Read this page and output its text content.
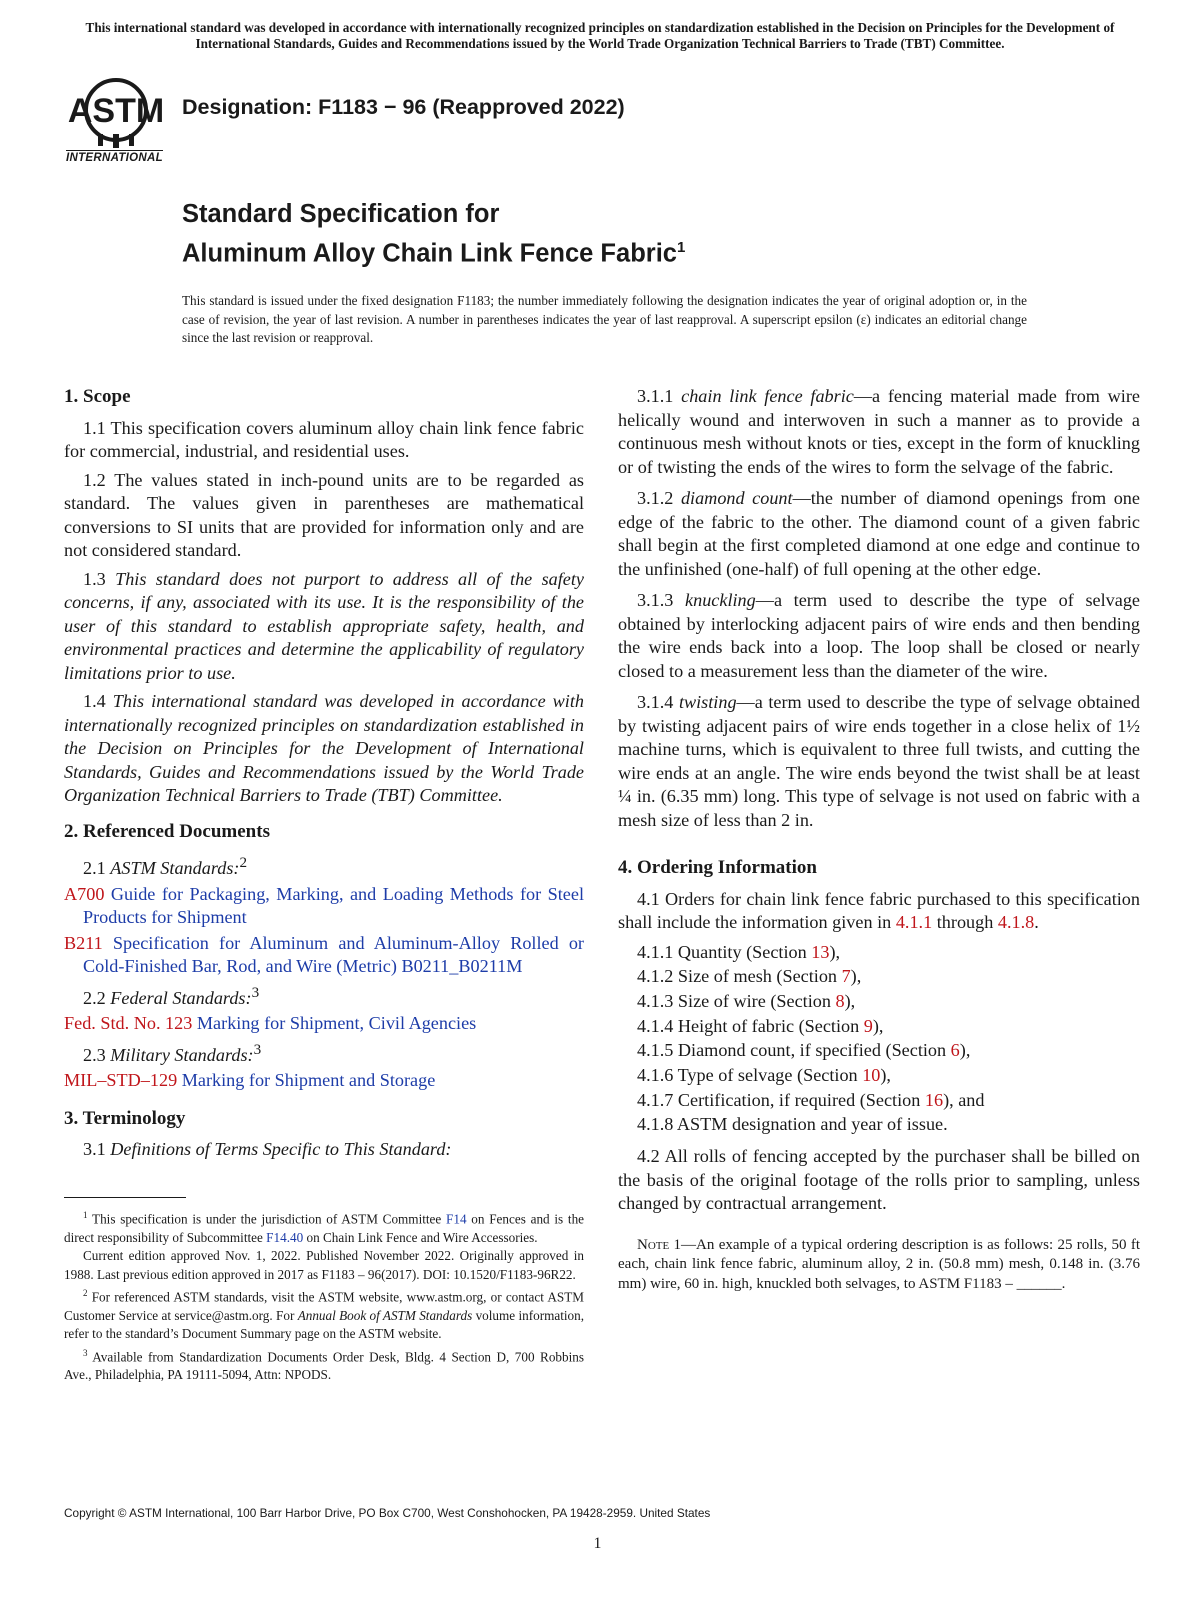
This international standard was developed in accordance with internationally recognized principles on standardization established in the Decision on Principles for the Development of International Standards, Guides and Recommendations issued by the World Trade Organization Technical Barriers to Trade (TBT) Committee.
ASTM
INTERNATIONAL
Designation: F1183 − 96 (Reapproved 2022)
Standard Specification for
Aluminum Alloy Chain Link Fence Fabric$^1$
This standard is issued under the fixed designation F1183; the number immediately following the designation indicates the year of original adoption or, in the case of revision, the year of last revision. A number in parentheses indicates the year of last reapproval. A superscript epsilon (ε) indicates an editorial change since the last revision or reapproval.
1. Scope

1.1 This specification covers aluminum alloy chain link fence fabric for commercial, industrial, and residential uses.

1.2 The values stated in inch-pound units are to be regarded as standard. The values given in parentheses are mathematical conversions to SI units that are provided for information only and are not considered standard.

1.3 This standard does not purport to address all of the safety concerns, if any, associated with its use. It is the responsibility of the user of this standard to establish appropriate safety, health, and environmental practices and determine the applicability of regulatory limitations prior to use.

1.4 This international standard was developed in accordance with internationally recognized principles on standardization established in the Decision on Principles for the Development of International Standards, Guides and Recommendations issued by the World Trade Organization Technical Barriers to Trade (TBT) Committee.

2. Referenced Documents
2.1 ASTM Standards:$^2$
A700 Guide for Packaging, Marking, and Loading Methods for Steel Products for Shipment
B211 Specification for Aluminum and Aluminum-Alloy Rolled or Cold-Finished Bar, Rod, and Wire (Metric) B0211_B0211M
2.2 Federal Standards:$^3$
Fed. Std. No. 123 Marking for Shipment, Civil Agencies
2.3 Military Standards:$^3$
MIL–STD–129 Marking for Shipment and Storage
3. Terminology
3.1 Definitions of Terms Specific to This Standard:

$^1$ This specification is under the jurisdiction of ASTM Committee F14 on Fences and is the direct responsibility of Subcommittee F14.40 on Chain Link Fence and Wire Accessories.

Current edition approved Nov. 1, 2022. Published November 2022. Originally approved in 1988. Last previous edition approved in 2017 as F1183 – 96(2017). DOI: 10.1520/F1183-96R22.

$^2$ For referenced ASTM standards, visit the ASTM website, www.astm.org, or contact ASTM Customer Service at service@astm.org. For Annual Book of ASTM Standards volume information, refer to the standard’s Document Summary page on the ASTM website.

$^3$ Available from Standardization Documents Order Desk, Bldg. 4 Section D, 700 Robbins Ave., Philadelphia, PA 19111-5094, Attn: NPODS.

3.1.1 chain link fence fabric—a fencing material made from wire helically wound and interwoven in such a manner as to provide a continuous mesh without knots or ties, except in the form of knuckling or of twisting the ends of the wires to form the selvage of the fabric.

3.1.2 diamond count—the number of diamond openings from one edge of the fabric to the other. The diamond count of a given fabric shall begin at the first completed diamond at one edge and continue to the unfinished (one-half) of full opening at the other edge.

3.1.3 knuckling—a term used to describe the type of selvage obtained by interlocking adjacent pairs of wire ends and then bending the wire ends back into a loop. The loop shall be closed or nearly closed to a measurement less than the diameter of the wire.

3.1.4 twisting—a term used to describe the type of selvage obtained by twisting adjacent pairs of wire ends together in a close helix of 1½ machine turns, which is equivalent to three full twists, and cutting the wire ends at an angle. The wire ends beyond the twist shall be at least ¼ in. (6.35 mm) long. This type of selvage is not used on fabric with a mesh size of less than 2 in.

4. Ordering Information

4.1 Orders for chain link fence fabric purchased to this specification shall include the information given in 4.1.1 through 4.1.8.

4.1.1 Quantity (Section 13),
4.1.2 Size of mesh (Section 7),
4.1.3 Size of wire (Section 8),
4.1.4 Height of fabric (Section 9),
4.1.5 Diamond count, if specified (Section 6),
4.1.6 Type of selvage (Section 10),
4.1.7 Certification, if required (Section 16), and
4.1.8 ASTM designation and year of issue.

4.2 All rolls of fencing accepted by the purchaser shall be billed on the basis of the original footage of the rolls prior to sampling, unless changed by contractual arrangement.

Note 1—An example of a typical ordering description is as follows: 25 rolls, 50 ft each, chain link fence fabric, aluminum alloy, 2 in. (50.8 mm) mesh, 0.148 in. (3.76 mm) wire, 60 in. high, knuckled both selvages, to ASTM F1183 – ______.
Copyright © ASTM International, 100 Barr Harbor Drive, PO Box C700, West Conshohocken, PA 19428-2959. United States
1
